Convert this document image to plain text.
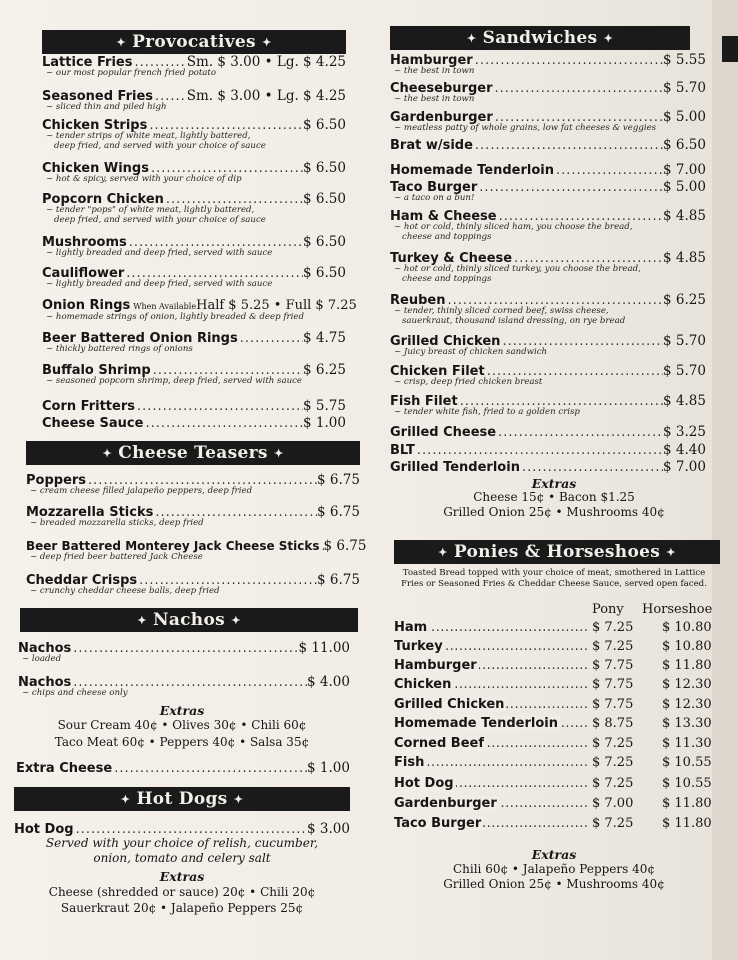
✦ Provocatives ✦
Lattice Fries .....	Sm. $ 3.00 • Lg. $ 4.25
~ our most popular french fried potato
Seasoned Fries .....	Sm. $ 3.00 • Lg. $ 4.25
~ sliced thin and piled high
Chicken Strips .....	$ 6.50
~ tender strips of white meat, lightly battered,
deep fried, and served with your choice of sauce
Chicken Wings .....	$ 6.50
~ hot & spicy, served with your choice of dip
Popcorn Chicken .....	$ 6.50
~ tender "pops" of white meat, lightly battered,
deep fried, and served with your choice of sauce
Mushrooms .....	$ 6.50
~ lightly breaded and deep fried, served with sauce
Cauliflower .....	$ 6.50
~ lightly breaded and deep fried, served with sauce
Onion Rings When Available Half $ 5.25 • Full $ 7.25
~ homemade strings of onion, lightly breaded & deep fried
Beer Battered Onion Rings .....	$ 4.75
~ thickly battered rings of onions
Buffalo Shrimp .....	$ 6.25
~ seasoned popcorn shrimp, deep fried, served with sauce
Corn Fritters .....	$ 5.75
Cheese Sauce .....	$ 1.00
✦ Cheese Teasers ✦
Poppers .....	$ 6.75
~ cream cheese filled jalapeño peppers, deep fried
Mozzarella Sticks .....	$ 6.75
~ breaded mozzarella sticks, deep fried
Beer Battered Monterey Jack Cheese Sticks ..... $ 6.75
~ deep fried beer battered Jack Cheese
Cheddar Crisps .....	$ 6.75
~ crunchy cheddar cheese balls, deep fried
✦ Nachos ✦
Nachos .....	$ 11.00
~ loaded
Nachos .....	$ 4.00
~ chips and cheese only
Extras
Sour Cream 40¢ • Olives 30¢ • Chili 60¢
Taco Meat 60¢ • Peppers 40¢ • Salsa 35¢
Extra Cheese .....	$ 1.00
✦ Hot Dogs ✦
Hot Dog .....	$ 3.00
Served with your choice of relish, cucumber,
onion, tomato and celery salt
Extras
Cheese (shredded or sauce) 20¢ • Chili 20¢
Sauerkraut 20¢ • Jalapeño Peppers 25¢
✦ Sandwiches ✦
Hamburger .....	$ 5.55
~ the best in town
Cheeseburger .....	$ 5.70
~ the best in town
Gardenburger .....	$ 5.00
~ meatless patty of whole grains, low fat cheeses & veggies
Brat w/side .....	$ 6.50
Homemade Tenderloin .....	$ 7.00
Taco Burger .....	$ 5.00
~ a taco on a bun!
Ham & Cheese .....	$ 4.85
~ hot or cold, thinly sliced ham, you choose the bread,
cheese and toppings
Turkey & Cheese .....	$ 4.85
~ hot or cold, thinly sliced turkey, you choose the bread,
cheese and toppings
Reuben .....	$ 6.25
~ tender, thinly sliced corned beef, swiss cheese,
sauerkraut, thousand island dressing, on rye bread
Grilled Chicken .....	$ 5.70
~ Juicy breast of chicken sandwich
Chicken Filet .....	$ 5.70
~ crisp, deep fried chicken breast
Fish Filet .....	$ 4.85
~ tender white fish, fried to a golden crisp
Grilled Cheese .....	$ 3.25
BLT .....	$ 4.40
Grilled Tenderloin .....	$ 7.00
Extras
Cheese 15¢ • Bacon $1.25
Grilled Onion 25¢ • Mushrooms 40¢
✦ Ponies & Horseshoes ✦
Toasted Bread topped with your choice of meat, smothered in Lattice
Fries or Seasoned Fries & Cheddar Cheese Sauce, served open faced.
Pony Horseshoe
.....
Ham	$ 7.25 $ 10.80
.....
Turkey	$ 7.25 $ 10.80
.....
Hamburger	$ 7.75 $ 11.80
.....
Chicken	$ 7.75 $ 12.30
.....
Grilled Chicken	$ 7.75 $ 12.30
.....
Homemade Tenderloin	$ 8.75 $ 13.30
.....
Corned Beef	$ 7.25 $ 11.30
.....
Fish	$ 7.25 $ 10.55
.....
Hot Dog	$ 7.25 $ 10.55
.....
Gardenburger	$ 7.00 $ 11.80
.....
Taco Burger	$ 7.25 $ 11.80
Extras
Chili 60¢ • Jalapeño Peppers 40¢
Grilled Onion 25¢ • Mushrooms 40¢
